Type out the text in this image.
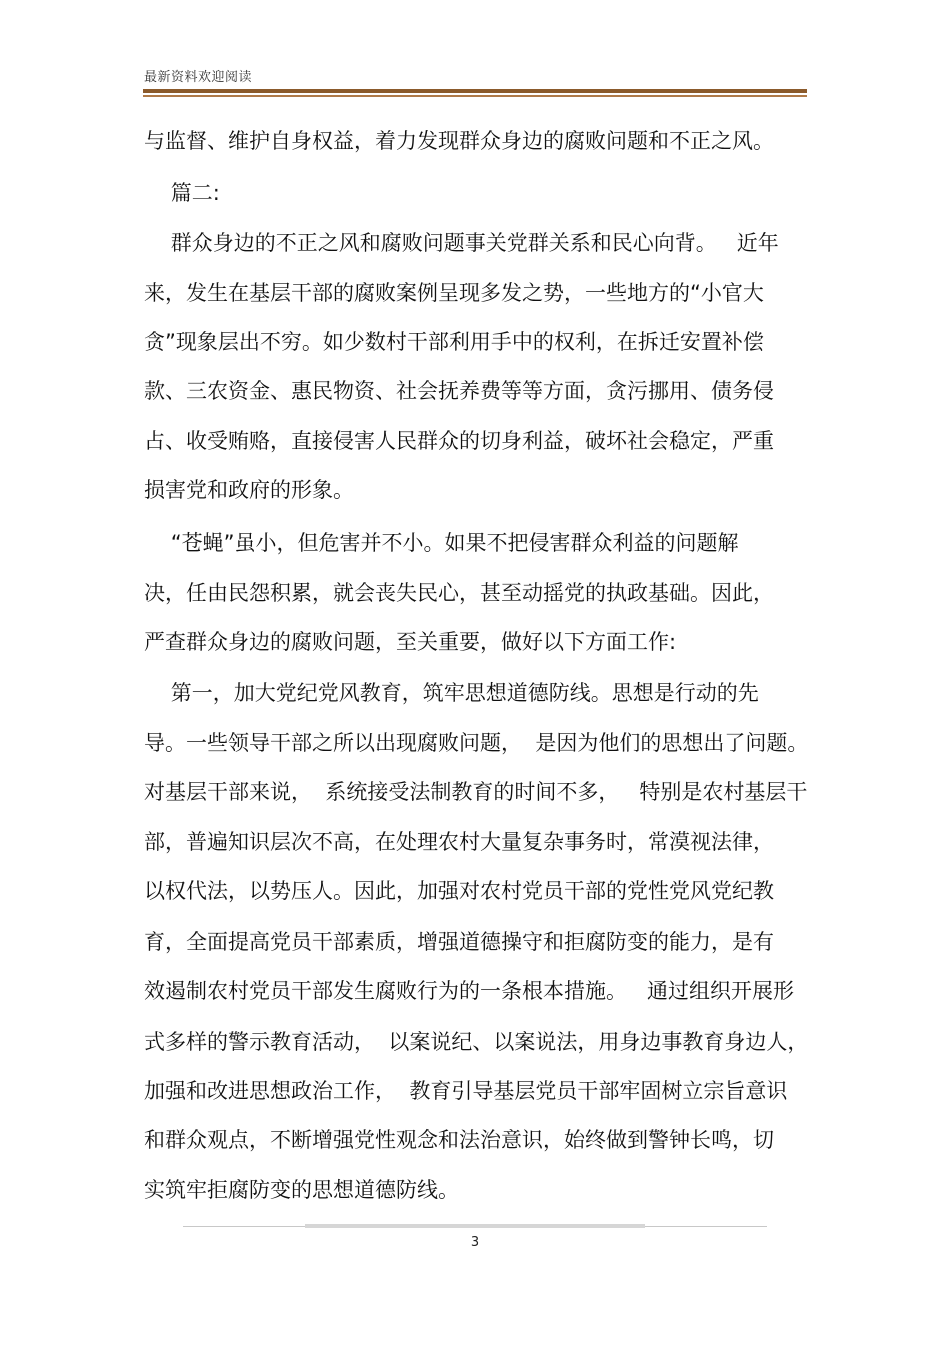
最新资料欢迎阅读
与监督、维护自身权益，着力发现群众身边的腐败问题和不正之风。
篇二:
群众身边的不正之风和腐败问题事关党群关系和民心向背。   近年
来，发生在基层干部的腐败案例呈现多发之势，一些地方的“小官大
贪”现象层出不穷。如少数村干部利用手中的权利，在拆迁安置补偿
款、三农资金、惠民物资、社会抚养费等等方面，贪污挪用、债务侵
占、收受贿赂，直接侵害人民群众的切身利益，破坏社会稳定，严重
损害党和政府的形象。
“苍蝇”虽小，但危害并不小。如果不把侵害群众利益的问题解
决，任由民怨积累，就会丧失民心，甚至动摇党的执政基础。因此，
严查群众身边的腐败问题，至关重要，做好以下方面工作:
第一，加大党纪党风教育，筑牢思想道德防线。思想是行动的先
导。一些领导干部之所以出现腐败问题，  是因为他们的思想出了问题。
对基层干部来说，  系统接受法制教育的时间不多，   特别是农村基层干
部，普遍知识层次不高，在处理农村大量复杂事务时，常漠视法律，
以权代法，以势压人。因此，加强对农村党员干部的党性党风党纪教
育，全面提高党员干部素质，增强道德操守和拒腐防变的能力，是有
效遏制农村党员干部发生腐败行为的一条根本措施。   通过组织开展形
式多样的警示教育活动，  以案说纪、以案说法，用身边事教育身边人，
加强和改进思想政治工作，  教育引导基层党员干部牢固树立宗旨意识
和群众观点，不断增强党性观念和法治意识，始终做到警钟长鸣，切
实筑牢拒腐防变的思想道德防线。
3
